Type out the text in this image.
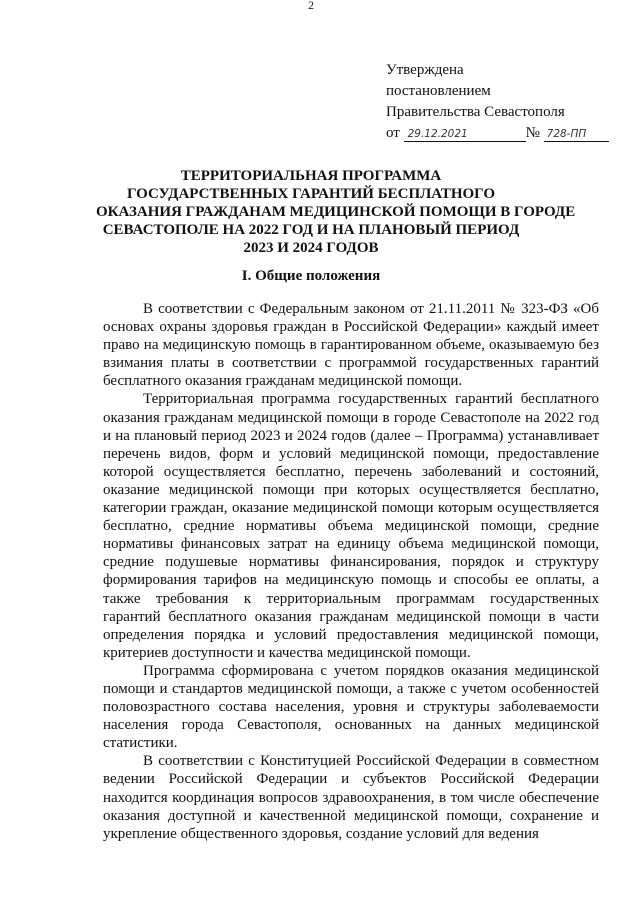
2
Утверждена
постановлением
Правительства Севастополя
от 29.12.2021	№ 728-ПП
ТЕРРИТОРИАЛЬНАЯ ПРОГРАММА
ГОСУДАРСТВЕННЫХ ГАРАНТИЙ БЕСПЛАТНОГО
ОКАЗАНИЯ ГРАЖДАНАМ МЕДИЦИНСКОЙ ПОМОЩИ В ГОРОДЕ
СЕВАСТОПОЛЕ НА 2022 ГОД И НА ПЛАНОВЫЙ ПЕРИОД
2023 И 2024 ГОДОВ
I. Общие положения

В соответствии с Федеральным законом от 21.11.2011 № 323-ФЗ «Об основах охраны здоровья граждан в Российской Федерации» каждый имеет право на медицинскую помощь в гарантированном объеме, оказываемую без взимания платы в соответствии с программой государственных гарантий бесплатного оказания гражданам медицинской помощи.

Территориальная программа государственных гарантий бесплатного оказания гражданам медицинской помощи в городе Севастополе на 2022 год и на плановый период 2023 и 2024 годов (далее – Программа) устанавливает перечень видов, форм и условий медицинской помощи, предоставление которой осуществляется бесплатно, перечень заболеваний и состояний, оказание медицинской помощи при которых осуществляется бесплатно, категории граждан, оказание медицинской помощи которым осуществляется бесплатно, средние нормативы объема медицинской помощи, средние нормативы финансовых затрат на единицу объема медицинской помощи, средние подушевые нормативы финансирования, порядок и структуру формирования тарифов на медицинскую помощь и способы ее оплаты, а также требования к территориальным программам государственных гарантий бесплатного оказания гражданам медицинской помощи в части определения порядка и условий предоставления медицинской помощи, критериев доступности и качества медицинской помощи.

Программа сформирована с учетом порядков оказания медицинской помощи и стандартов медицинской помощи, а также с учетом особенностей половозрастного состава населения, уровня и структуры заболеваемости населения города Севастополя, основанных на данных медицинской статистики.

В соответствии с Конституцией Российской Федерации в совместном ведении Российской Федерации и субъектов Российской Федерации находится координация вопросов здравоохранения, в том числе обеспечение оказания доступной и качественной медицинской помощи, сохранение и укрепление общественного здоровья, создание условий для ведения
